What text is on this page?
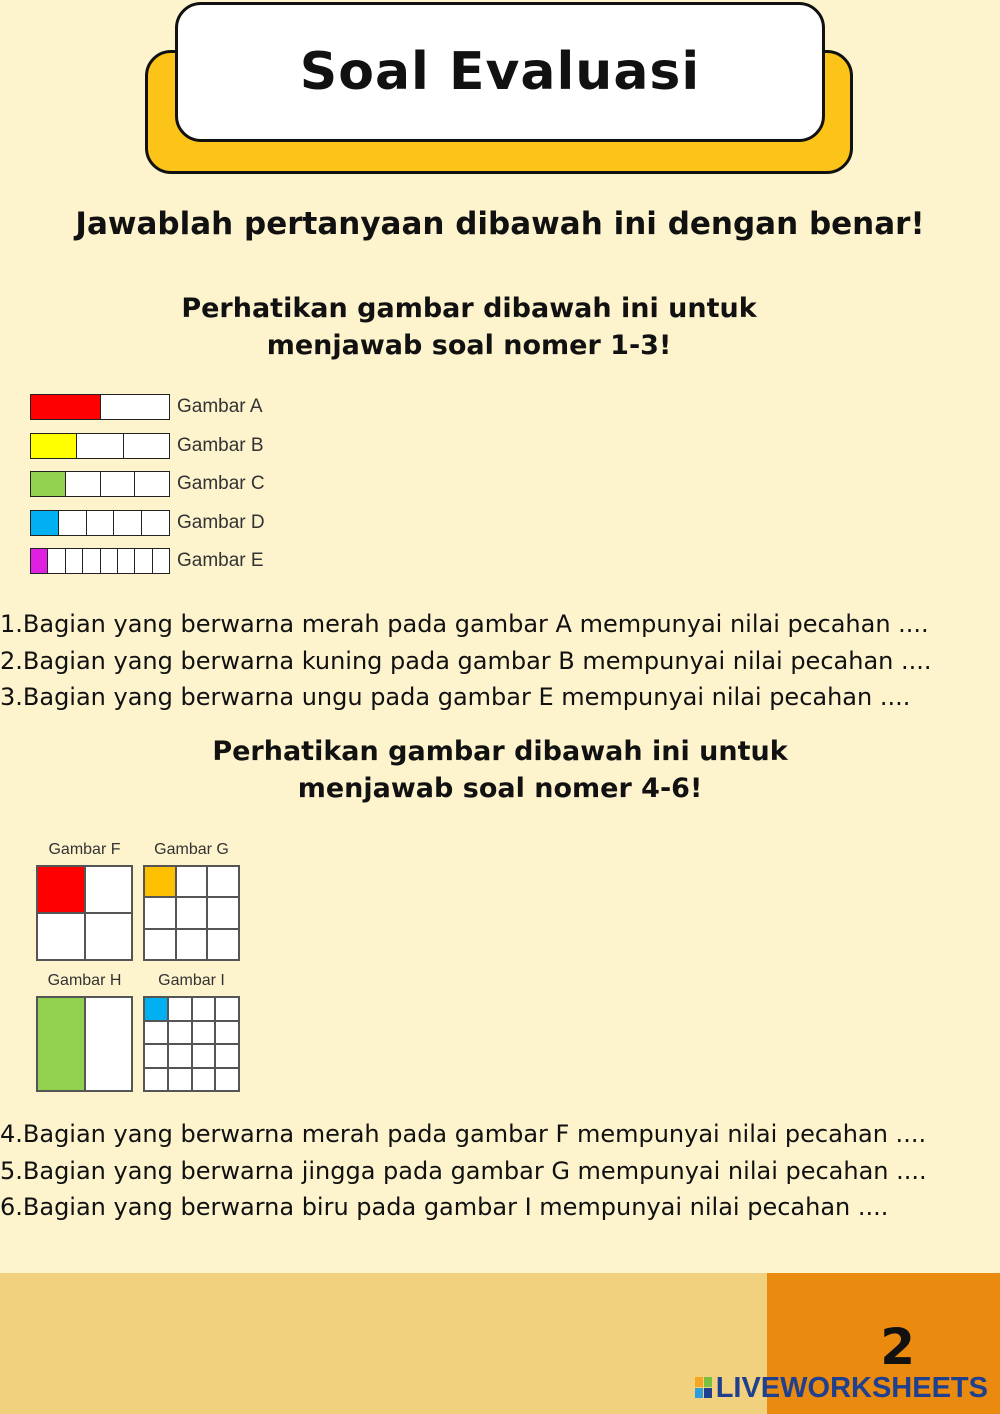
Soal Evaluasi
Jawablah pertanyaan dibawah ini dengan benar!
Perhatikan gambar dibawah ini untuk
menjawab soal nomer 1-3!
Gambar A
Gambar B
Gambar C
Gambar D
Gambar E
1.Bagian yang berwarna merah pada gambar A mempunyai nilai pecahan ....
2.Bagian yang berwarna kuning pada gambar B mempunyai nilai pecahan ....
3.Bagian yang berwarna ungu pada gambar E mempunyai nilai pecahan ....
Perhatikan gambar dibawah ini untuk
menjawab soal nomer 4-6!
Gambar F	Gambar G
Gambar H	Gambar I
4.Bagian yang berwarna merah pada gambar F mempunyai nilai pecahan ....
5.Bagian yang berwarna jingga pada gambar G mempunyai nilai pecahan ....
6.Bagian yang berwarna biru pada gambar I mempunyai nilai pecahan ....
2
LIVEWORKSHEETS
